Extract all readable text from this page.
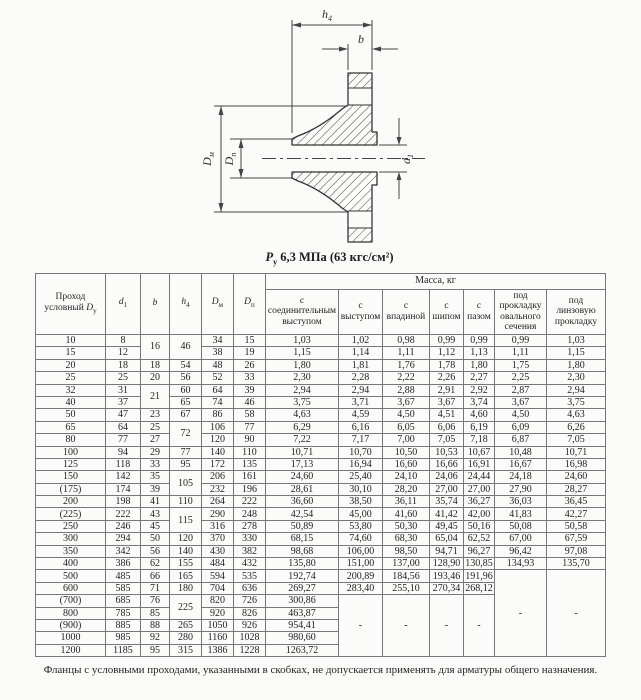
$h_4$
b
$D_м$
$D_п$
$d_1$
$P_у$ 6,3 МПа (63 кгс/см²)
Проход условный $D_у$	$d_1$	b	$h_4$	$D_м$	$D_п$	Масса, кг						
						с соединительным выступом	с выступом	с впадиной	с шипом	с пазом	под прокладку овального сечения	под линзовую прокладку
10	8	16	46	34	15	1,03	1,02	0,98	0,99	0,99	0,99	1,03
15	12			38	19	1,15	1,14	1,11	1,12	1,13	1,11	1,15
20	18	18	54	48	26	1,80	1,81	1,76	1,78	1,80	1,75	1,80
25	25	20	56	52	33	2,30	2,28	2,22	2,26	2,27	2,25	2,30
32	31	21	60	64	39	2,94	2,94	2,88	2,91	2,92	2,87	2,94
40	37		65	74	46	3,75	3,71	3,67	3,67	3,74	3,67	3,75
50	47	23	67	86	58	4,63	4,59	4,50	4,51	4,60	4,50	4,63
65	64	25	72	106	77	6,29	6,16	6,05	6,06	6,19	6,09	6,26
80	77	27		120	90	7,22	7,17	7,00	7,05	7,18	6,87	7,05
100	94	29	77	140	110	10,71	10,70	10,50	10,53	10,67	10,48	10,71
125	118	33	95	172	135	17,13	16,94	16,60	16,66	16,91	16,67	16,98
150	142	35	105	206	161	24,60	25,40	24,10	24,06	24,44	24,18	24,60
(175)	174	39		232	196	28,61	30,10	28,20	27,00	27,00	27,90	28,27
200	198	41	110	264	222	36,60	38,50	36,11	35,74	36,27	36,03	36,45
(225)	222	43	115	290	248	42,54	45,00	41,60	41,42	42,00	41,83	42,27
250	246	45		316	278	50,89	53,80	50,30	49,45	50,16	50,08	50,58
300	294	50	120	370	330	68,15	74,60	68,30	65,04	62,52	67,00	67,59
350	342	56	140	430	382	98,68	106,00	98,50	94,71	96,27	96,42	97,08
400	386	62	155	484	432	135,80	151,00	137,00	128,90	130,85	134,93	135,70
500	485	66	165	594	535	192,74	200,89	184,56	193,46	191,96	-	-
600	585	71	180	704	636	269,27	283,40	255,10	270,34	268,12		
(700)	685	76	225	820	726	300,86	-	-	-	-		
800	785	85		920	826	463,87						
(900)	885	88	265	1050	926	954,41						
1000	985	92	280	1160	1028	980,60						
1200	1185	95	315	1386	1228	1263,72						
Фланцы с условными проходами, указанными в скобках, не допускается применять для арматуры общего назначения.
